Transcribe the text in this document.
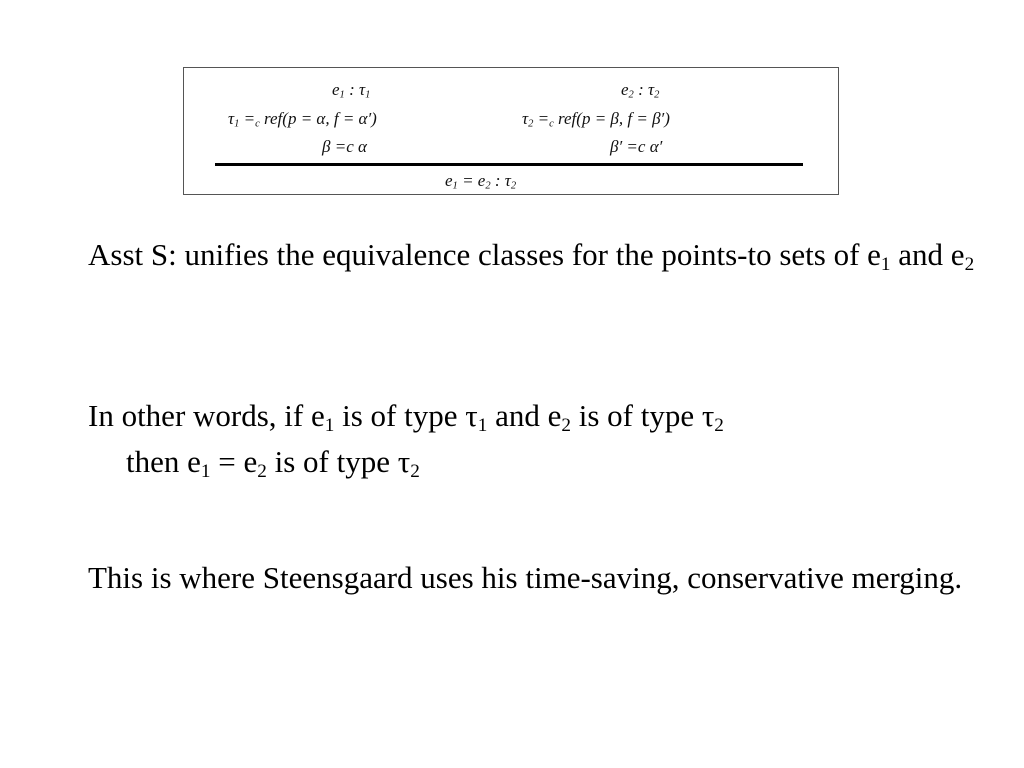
$e_1$ : $\tau_1$	$e_2$ : $\tau_2$
$\tau_1 =_c$ ref(p = α, f = α′)	$\tau_2 =_c$ ref(p = β, f = β′)
β =c α	β′ =c α′
$e_1 = e_2$ : $\tau_2$
Asst S: unifies the equivalence classes for the points-to sets of $e_1$ and $e_2$
In other words, if $e_1$ is of type $\tau_1$ and $e_2$ is of type $\tau_2$
then $e_1 = e_2$ is of type $\tau_2$
This is where Steensgaard uses his time-saving, conservative merging.
